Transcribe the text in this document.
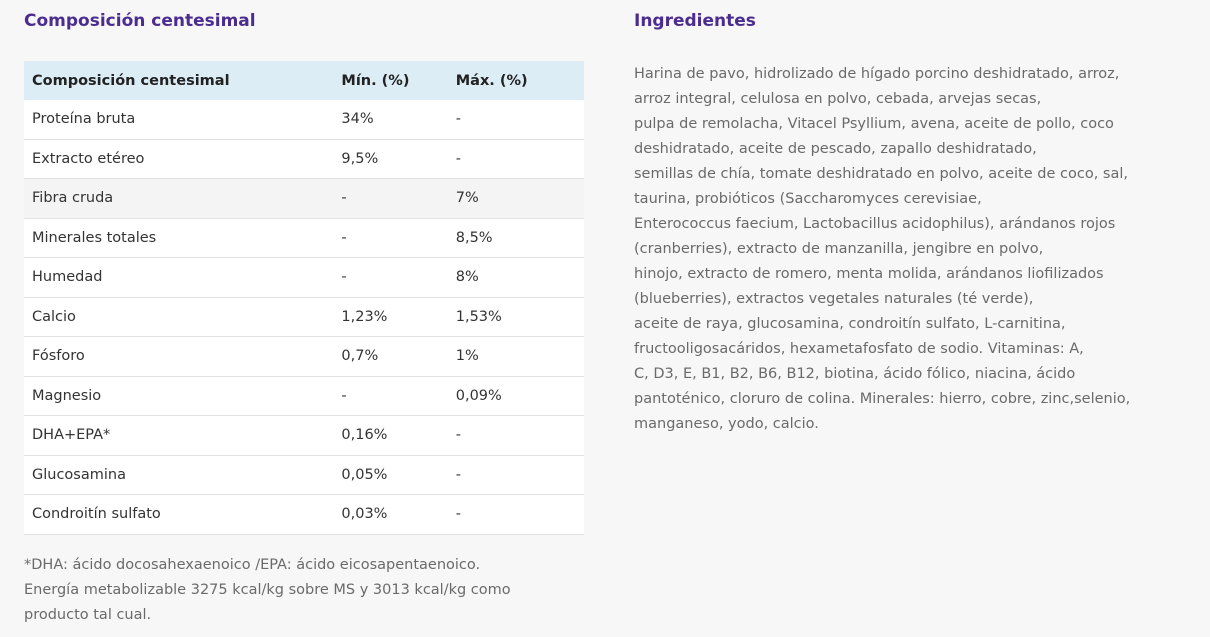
Composición centesimal
Composición centesimal	Mín. (%)	Máx. (%)
Proteína bruta	34%	-
Extracto etéreo	9,5%	-
Fibra cruda	-	7%
Minerales totales	-	8,5%
Humedad	-	8%
Calcio	1,23%	1,53%
Fósforo	0,7%	1%
Magnesio	-	0,09%
DHA+EPA*	0,16%	-
Glucosamina	0,05%	-
Condroitín sulfato	0,03%	-

*DHA: ácido docosahexaenoico /EPA: ácido eicosapentaenoico.
Energía metabolizable 3275 kcal/kg sobre MS y 3013 kcal/kg como
producto tal cual.

Ingredientes

Harina de pavo, hidrolizado de hígado porcino deshidratado, arroz,
arroz integral, celulosa en polvo, cebada, arvejas secas,
pulpa de remolacha, Vitacel Psyllium, avena, aceite de pollo, coco
deshidratado, aceite de pescado, zapallo deshidratado,
semillas de chía, tomate deshidratado en polvo, aceite de coco, sal,
taurina, probióticos (Saccharomyces cerevisiae,
Enterococcus faecium, Lactobacillus acidophilus), arándanos rojos
(cranberries), extracto de manzanilla, jengibre en polvo,
hinojo, extracto de romero, menta molida, arándanos liofilizados
(blueberries), extractos vegetales naturales (té verde),
aceite de raya, glucosamina, condroitín sulfato, L-carnitina,
fructooligosacáridos, hexametafosfato de sodio. Vitaminas: A,
C, D3, E, B1, B2, B6, B12, biotina, ácido fólico, niacina, ácido
pantoténico, cloruro de colina. Minerales: hierro, cobre, zinc,selenio,
manganeso, yodo, calcio.
